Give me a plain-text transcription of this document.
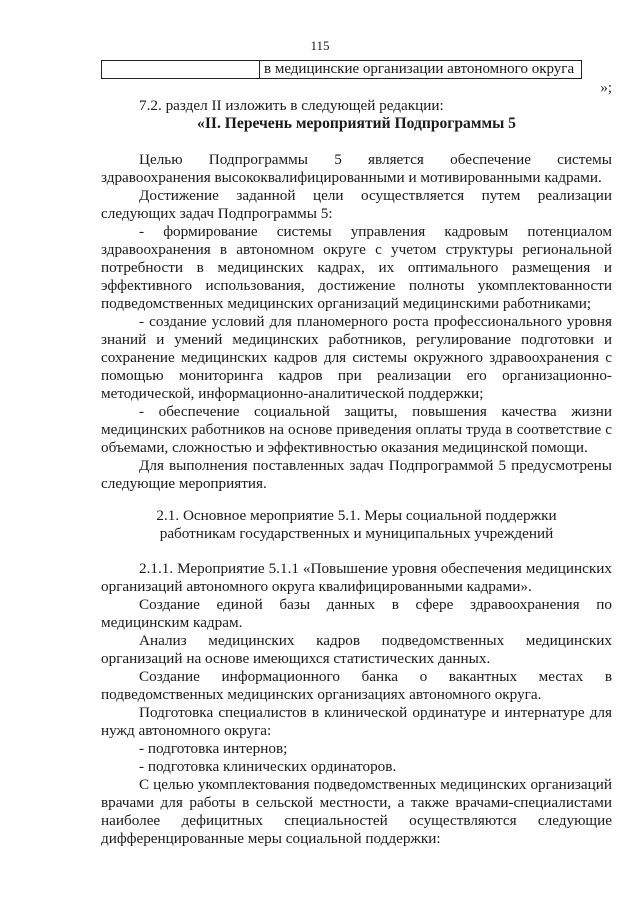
115
в медицинские организации автономного округа
»;

7.2. раздел II изложить в следующей редакции:

«II. Перечень мероприятий Подпрограммы 5

Целью Подпрограммы 5 является обеспечение системы здравоохранения высококвалифицированными и мотивированными кадрами.

Достижение заданной цели осуществляется путем реализации следующих задач Подпрограммы 5:

- формирование системы управления кадровым потенциалом здравоохранения в автономном округе с учетом структуры региональной потребности в медицинских кадрах, их оптимального размещения и эффективного использования, достижение полноты укомплектованности подведомственных медицинских организаций медицинскими работниками;

- создание условий для планомерного роста профессионального уровня знаний и умений медицинских работников, регулирование подготовки и сохранение медицинских кадров для системы окружного здравоохранения с помощью мониторинга кадров при реализации его организационно-методической, информационно-аналитической поддержки;

- обеспечение социальной защиты, повышения качества жизни медицинских работников на основе приведения оплаты труда в соответствие с объемами, сложностью и эффективностью оказания медицинской помощи.

Для выполнения поставленных задач Подпрограммой 5 предусмотрены следующие мероприятия.

2.1. Основное мероприятие 5.1. Меры социальной поддержки

работникам государственных и муниципальных учреждений

2.1.1. Мероприятие 5.1.1 «Повышение уровня обеспечения медицинских организаций автономного округа квалифицированными кадрами».

Создание единой базы данных в сфере здравоохранения по медицинским кадрам.

Анализ медицинских кадров подведомственных медицинских организаций на основе имеющихся статистических данных.

Создание информационного банка о вакантных местах в подведомственных медицинских организациях автономного округа.

Подготовка специалистов в клинической ординатуре и интернатуре для нужд автономного округа:

- подготовка интернов;

- подготовка клинических ординаторов.

С целью укомплектования подведомственных медицинских организаций врачами для работы в сельской местности, а также врачами-специалистами наиболее дефицитных специальностей осуществляются следующие дифференцированные меры социальной поддержки:
